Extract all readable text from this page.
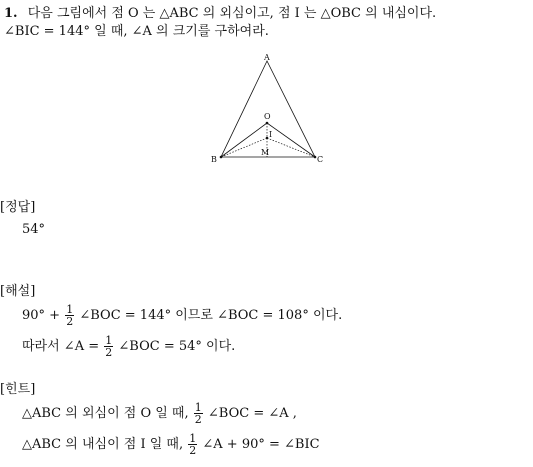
1. 다음 그림에서 점 O 는 △ABC 의 외심이고, 점 I 는 △OBC 의 내심이다.
∠BIC = 144° 일 때, ∠A 의 크기를 구하여라.
A
O
I
M
B	C
[정답]
54°
[해설]
$90^\circ + \frac{1}{2}$ ∠BOC = 144° 이므로 ∠BOC = 108° 이다.
따라서 ∠A = $\frac{1}{2}$ ∠BOC = 54° 이다.
[힌트]
△ABC 의 외심이 점 O 일 때, $\frac{1}{2}$ ∠BOC = ∠A ,
△ABC 의 내심이 점 I 일 때, $\frac{1}{2}$ ∠A + 90° = ∠BIC
